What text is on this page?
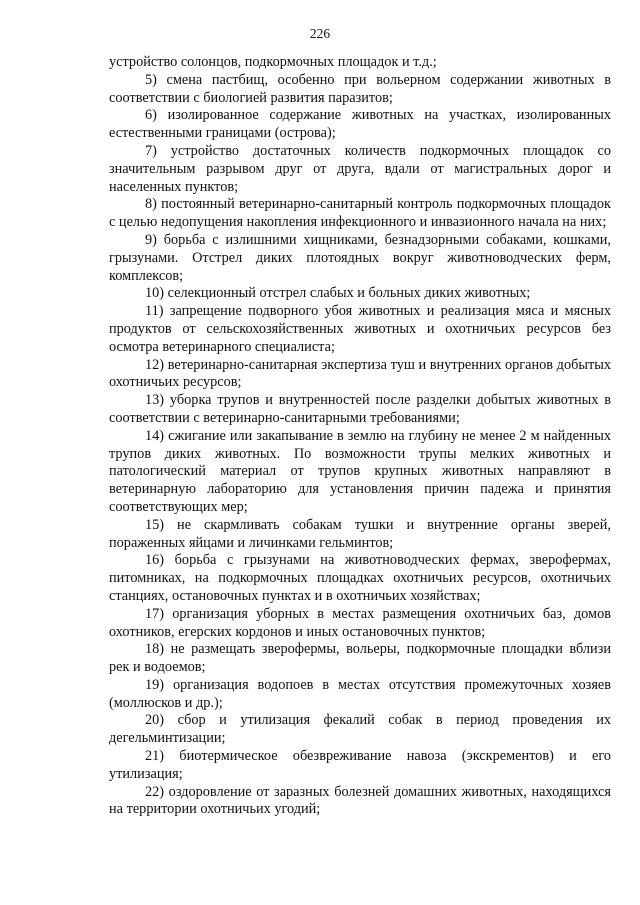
226

устройство солонцов, подкормочных площадок и т.д.;

5) смена пастбищ, особенно при вольерном содержании животных в соответствии с биологией развития паразитов;

6) изолированное содержание животных на участках, изолированных естественными границами (острова);

7) устройство достаточных количеств подкормочных площадок со значительным разрывом друг от друга, вдали от магистральных дорог и населенных пунктов;

8) постоянный ветеринарно-санитарный контроль подкормочных площадок с целью недопущения накопления инфекционного и инвазионного начала на них;

9) борьба с излишними хищниками, безнадзорными собаками, кошками, грызунами. Отстрел диких плотоядных вокруг животноводческих ферм, комплексов;

10) селекционный отстрел слабых и больных диких животных;

11) запрещение подворного убоя животных и реализация мяса и мясных продуктов от сельскохозяйственных животных и охотничьих ресурсов без осмотра ветеринарного специалиста;

12) ветеринарно-санитарная экспертиза туш и внутренних органов добытых охотничьих ресурсов;

13) уборка трупов и внутренностей после разделки добытых животных в соответствии с ветеринарно-санитарными требованиями;

14) сжигание или закапывание в землю на глубину не менее 2 м найденных трупов диких животных. По возможности трупы мелких животных и патологический материал от трупов крупных животных направляют в ветеринарную лабораторию для установления причин падежа и принятия соответствующих мер;

15) не скармливать собакам тушки и внутренние органы зверей, пораженных яйцами и личинками гельминтов;

16) борьба с грызунами на животноводческих фермах, зверофермах, питомниках, на подкормочных площадках охотничьих ресурсов, охотничьих станциях, остановочных пунктах и в охотничьих хозяйствах;

17) организация уборных в местах размещения охотничьих баз, домов охотников, егерских кордонов и иных остановочных пунктов;

18) не размещать зверофермы, вольеры, подкормочные площадки вблизи рек и водоемов;

19) организация водопоев в местах отсутствия промежуточных хозяев (моллюсков и др.);

20) сбор и утилизация фекалий собак в период проведения их дегельминтизации;

21) биотермическое обезвреживание навоза (экскрементов) и его утилизация;

22) оздоровление от заразных болезней домашних животных, находящихся на территории охотничьих угодий;
